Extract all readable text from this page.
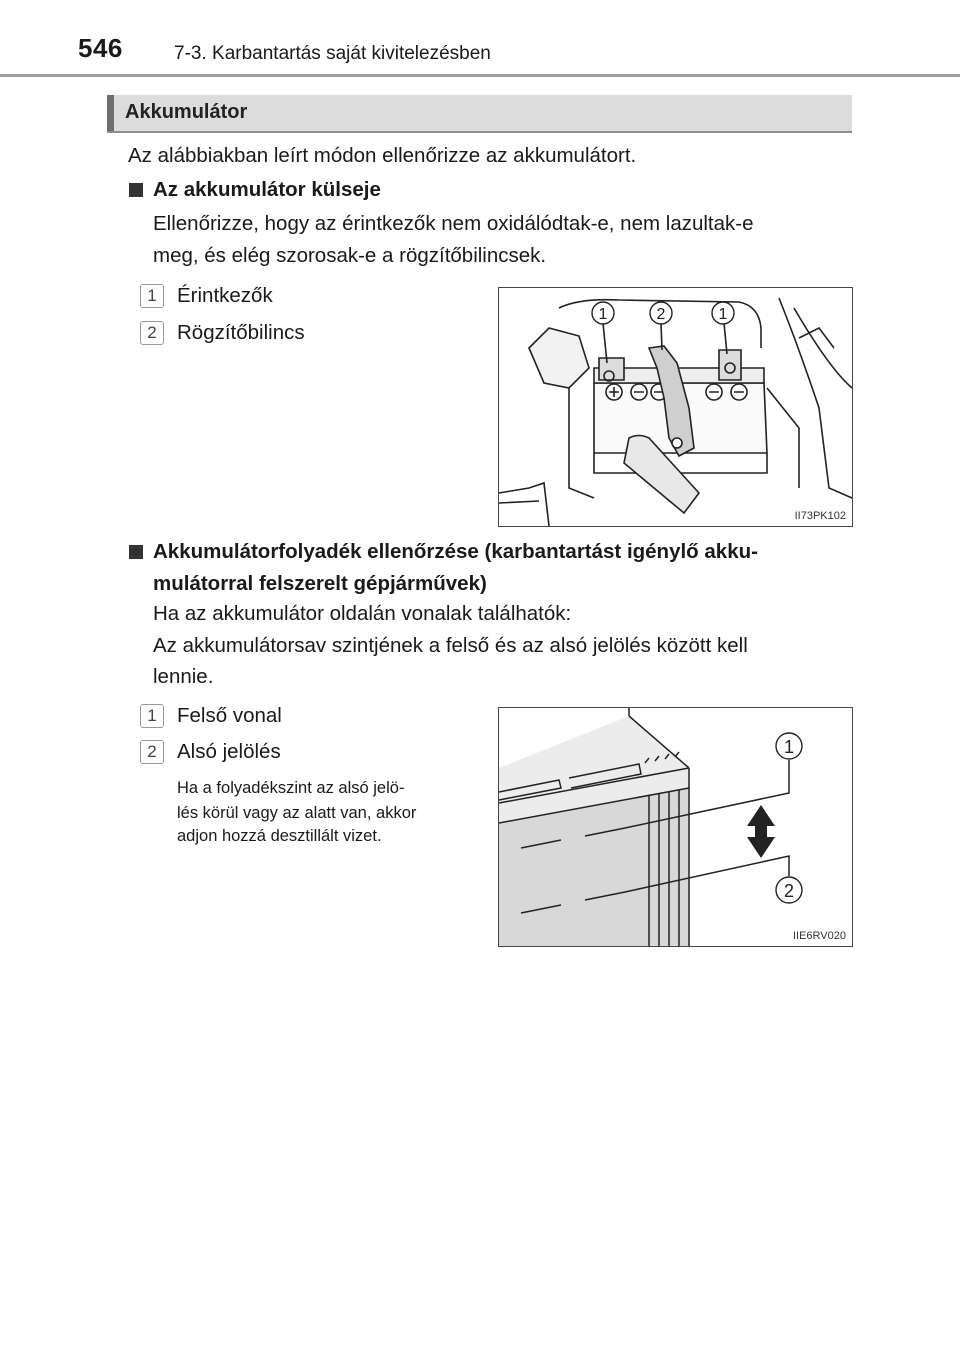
546	7-3. Karbantartás saját kivitelezésben
Akkumulátor
Az alábbiakban leírt módon ellenőrizze az akkumulátort.
Az akkumulátor külseje
Ellenőrizze, hogy az érintkezők nem oxidálódtak-e, nem lazultak-e
meg, és elég szorosak-e a rögzítőbilincsek.
1 Érintkezők
2 Rögzítőbilincs
1	2	1
II73PK102
Akkumulátorfolyadék ellenőrzése (karbantartást igénylő akku-
mulátorral felszerelt gépjárművek)
Ha az akkumulátor oldalán vonalak találhatók:
Az akkumulátorsav szintjének a felső és az alsó jelölés között kell
lennie.
1 Felső vonal
2 Alsó jelölés
Ha a folyadékszint az alsó jelö-
lés körül vagy az alatt van, akkor
adjon hozzá desztillált vizet.
1
2
IIE6RV020
